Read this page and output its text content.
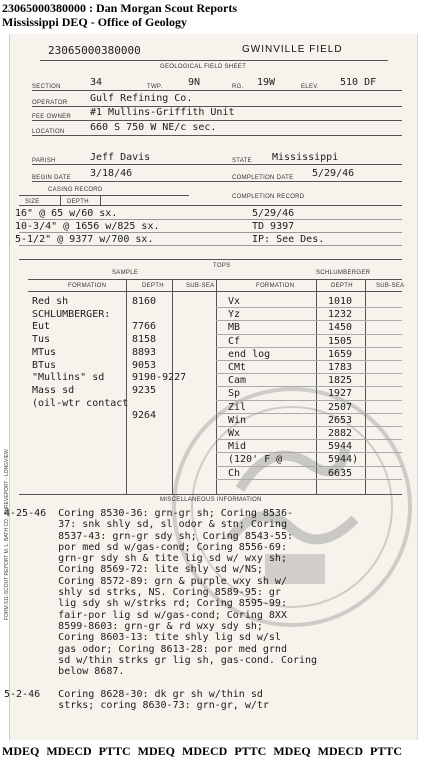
23065000380000 : Dan Morgan Scout Reports
Mississippi DEQ - Office of Geology
23065000380000	GWINVILLE FIELD
GEOLOGICAL FIELD SHEET
SECTION	34	TWP.	9N	RG. 19W	ELEV. 510 DF
OPERATOR Gulf Refining Co.
FEE OWNER #1 Mullins-Griffith Unit
LOCATION	660 S 750 W NE/c sec.
PARISH	Jeff Davis	STATE Mississippi
BEGIN DATE 3/18/46	COMPLETION DATE 5/29/46
CASING RECORD
COMPLETION RECORD
SIZE	DEPTH
16" @ 65 w/60 sx.
10-3/4" @ 1656 w/825 sx.
5-1/2" @ 9377 w/700 sx.
5/29/46
TD 9397
IP: See Des.
TOPS
SAMPLE	SCHLUMBERGER
FORMATION	DEPTH	SUB-SEA	FORMATION	DEPTH	SUB-SEA
Red sh	8160
SCHLUMBERGER:
Eut	7766
Tus	8158
MTus	8893
BTus	9053
"Mullins" sd	9190-9227
Mass sd	9235
(oil-wtr contact
9264
Vx	1010
Yz	1232
MB	1450
Cf	1505
end log	1659
CMt	1783
Cam	1825
Sp	1927
Zil	2507
Win	2653
Wx	2882
Mid	5944
(120' F @	5944)
Ch	6635
MISCELLANEOUS INFORMATION
4-25-46  Coring 8530-36: grn-gr sh; Coring 8536-
37: snk shly sd, sl odor & stn; Coring
8537-43: grn-gr sdy sh; Coring 8543-55:
por med sd w/gas-cond; Coring 8556-69:
grn-gr sdy sh & tite lig sd w/ wxy sh;
Coring 8569-72: lite shly sd w/NS;
Coring 8572-89: grn & purple wxy sh w/
shly sd strks, NS. Coring 8589-95: gr
lig sdy sh w/strks rd; Coring 8595-99:
fair-por lig sd w/gas-cond; Coring 8XX
8599-8603: grn-gr & rd wxy sdy sh;
Coring 8603-13: tite shly lig sd w/sl
gas odor; Coring 8613-28: por med grnd
sd w/thin strks gr lig sh, gas-cond. Coring
below 8687.

5-2-46   Coring 8628-30: dk gr sh w/thin sd
strks; coring 8630-73: grn-gr, w/tr
FORM 511-SCOUT REPORT M. L. BATH CO., SHREVEPORT - LONGVIEW
MDEQ MDECD PTTC MDEQ MDECD PTTC MDEQ MDECD PTTC
